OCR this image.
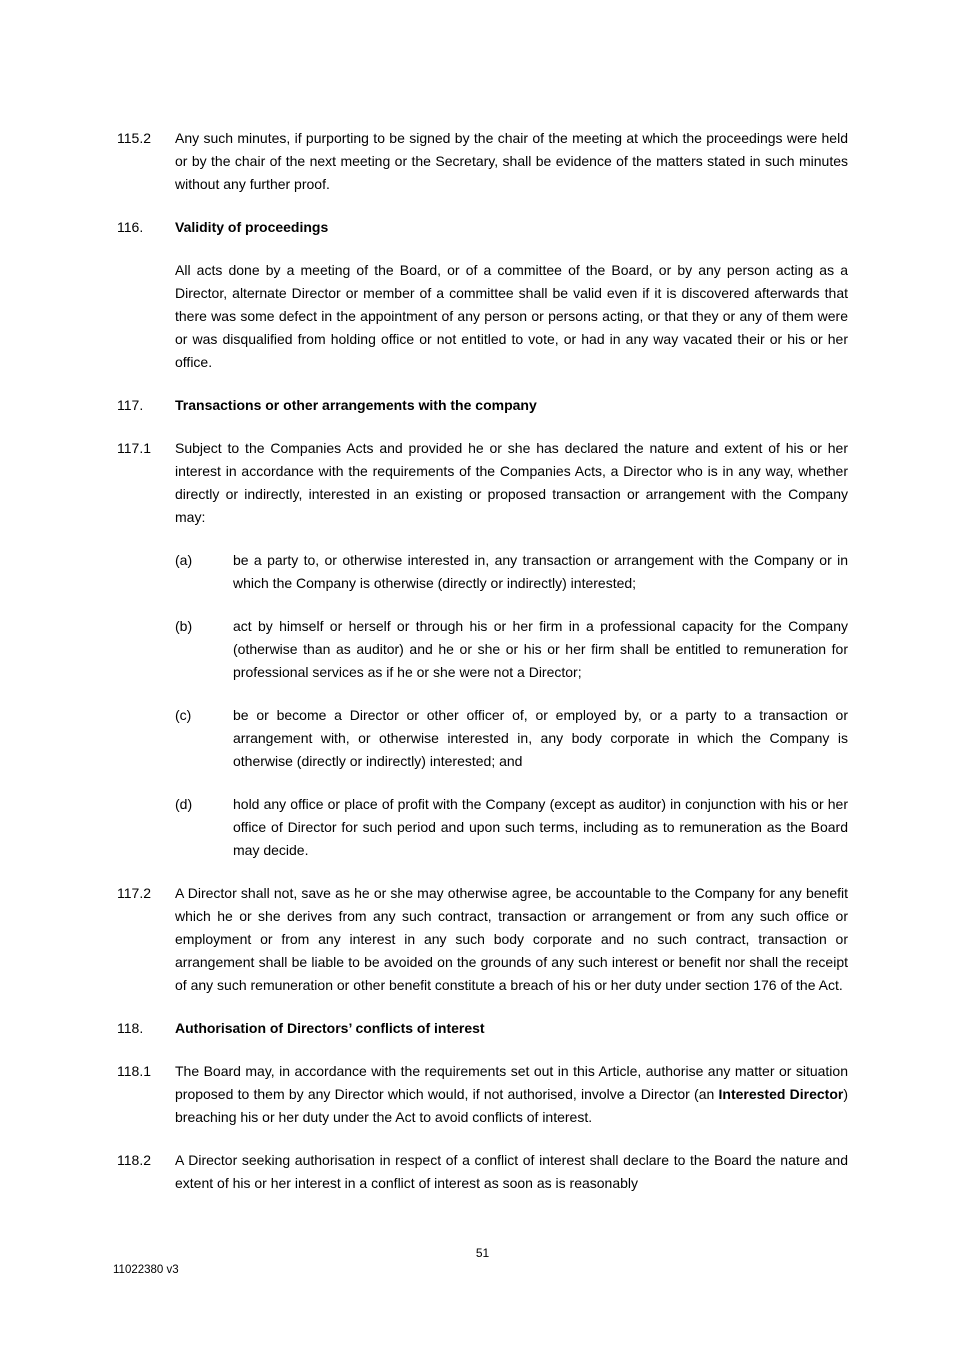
115.2	Any such minutes, if purporting to be signed by the chair of the meeting at which the proceedings were held or by the chair of the next meeting or the Secretary, shall be evidence of the matters stated in such minutes without any further proof.
116.	Validity of proceedings
All acts done by a meeting of the Board, or of a committee of the Board, or by any person acting as a Director, alternate Director or member of a committee shall be valid even if it is discovered afterwards that there was some defect in the appointment of any person or persons acting, or that they or any of them were or was disqualified from holding office or not entitled to vote, or had in any way vacated their or his or her office.
117.	Transactions or other arrangements with the company
117.1	Subject to the Companies Acts and provided he or she has declared the nature and extent of his or her interest in accordance with the requirements of the Companies Acts, a Director who is in any way, whether directly or indirectly, interested in an existing or proposed transaction or arrangement with the Company may:
(a)	be a party to, or otherwise interested in, any transaction or arrangement with the Company or in which the Company is otherwise (directly or indirectly) interested;
(b)	act by himself or herself or through his or her firm in a professional capacity for the Company (otherwise than as auditor) and he or she or his or her firm shall be entitled to remuneration for professional services as if he or she were not a Director;
(c)	be or become a Director or other officer of, or employed by, or a party to a transaction or arrangement with, or otherwise interested in, any body corporate in which the Company is otherwise (directly or indirectly) interested; and
(d)	hold any office or place of profit with the Company (except as auditor) in conjunction with his or her office of Director for such period and upon such terms, including as to remuneration as the Board may decide.
117.2	A Director shall not, save as he or she may otherwise agree, be accountable to the Company for any benefit which he or she derives from any such contract, transaction or arrangement or from any such office or employment or from any interest in any such body corporate and no such contract, transaction or arrangement shall be liable to be avoided on the grounds of any such interest or benefit nor shall the receipt of any such remuneration or other benefit constitute a breach of his or her duty under section 176 of the Act.
118.	Authorisation of Directors’ conflicts of interest
118.1	The Board may, in accordance with the requirements set out in this Article, authorise any matter or situation proposed to them by any Director which would, if not authorised, involve a Director (an Interested Director) breaching his or her duty under the Act to avoid conflicts of interest.
118.2	A Director seeking authorisation in respect of a conflict of interest shall declare to the Board the nature and extent of his or her interest in a conflict of interest as soon as is reasonably
51
11022380 v3
